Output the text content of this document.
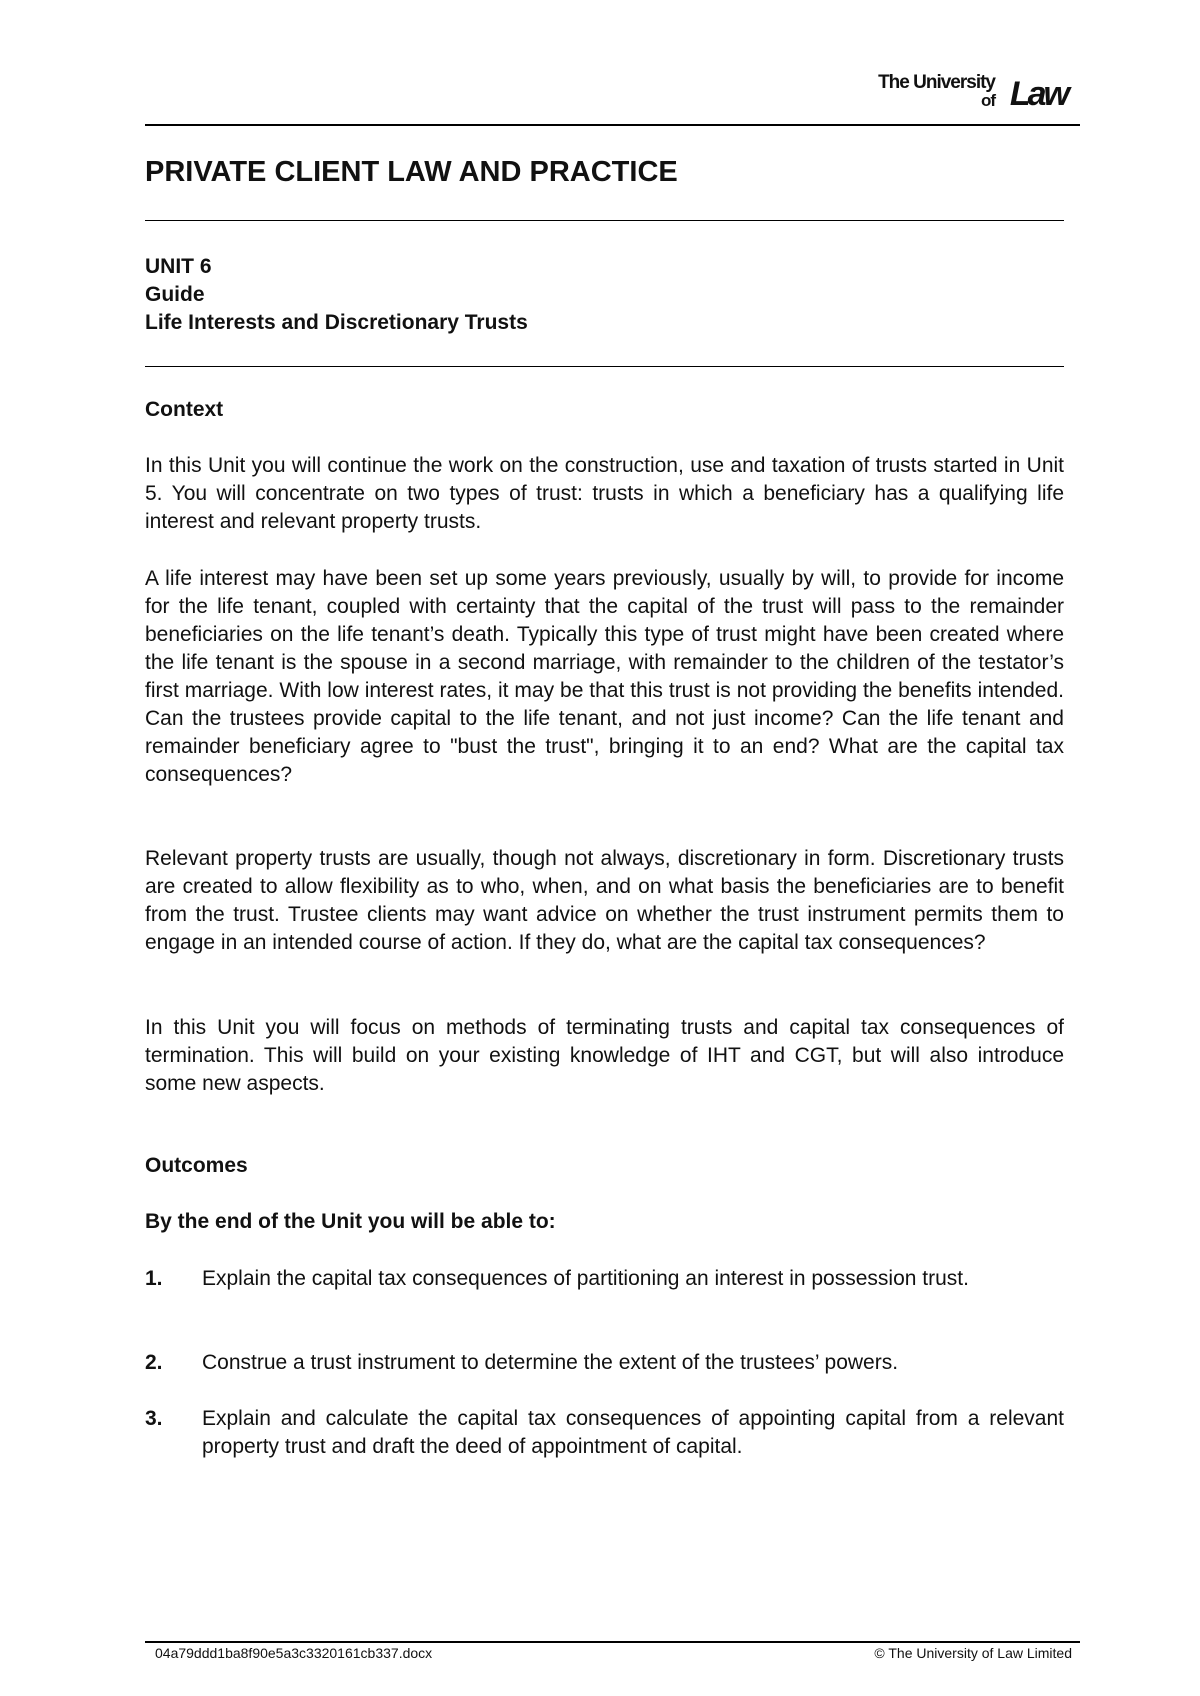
The University
of Law
PRIVATE CLIENT LAW AND PRACTICE
UNIT 6
Guide
Life Interests and Discretionary Trusts
Context

In this Unit you will continue the work on the construction, use and taxation of trusts started in Unit 5. You will concentrate on two types of trust: trusts in which a beneficiary has a qualifying life interest and relevant property trusts.

A life interest may have been set up some years previously, usually by will, to provide for income for the life tenant, coupled with certainty that the capital of the trust will pass to the remainder beneficiaries on the life tenant’s death. Typically this type of trust might have been created where the life tenant is the spouse in a second marriage, with remainder to the children of the testator’s first marriage. With low interest rates, it may be that this trust is not providing the benefits intended. Can the trustees provide capital to the life tenant, and not just income? Can the life tenant and remainder beneficiary agree to "bust the trust", bringing it to an end? What are the capital tax consequences?

Relevant property trusts are usually, though not always, discretionary in form. Discretionary trusts are created to allow flexibility as to who, when, and on what basis the beneficiaries are to benefit from the trust. Trustee clients may want advice on whether the trust instrument permits them to engage in an intended course of action. If they do, what are the capital tax consequences?

In this Unit you will focus on methods of terminating trusts and capital tax consequences of termination. This will build on your existing knowledge of IHT and CGT, but will also introduce some new aspects.

Outcomes
By the end of the Unit you will be able to:
1. Explain the capital tax consequences of partitioning an interest in possession trust.
2. Construe a trust instrument to determine the extent of the trustees’ powers.
3. Explain and calculate the capital tax consequences of appointing capital from a relevant property trust and draft the deed of appointment of capital.
04a79ddd1ba8f90e5a3c3320161cb337.docx	© The University of Law Limited
